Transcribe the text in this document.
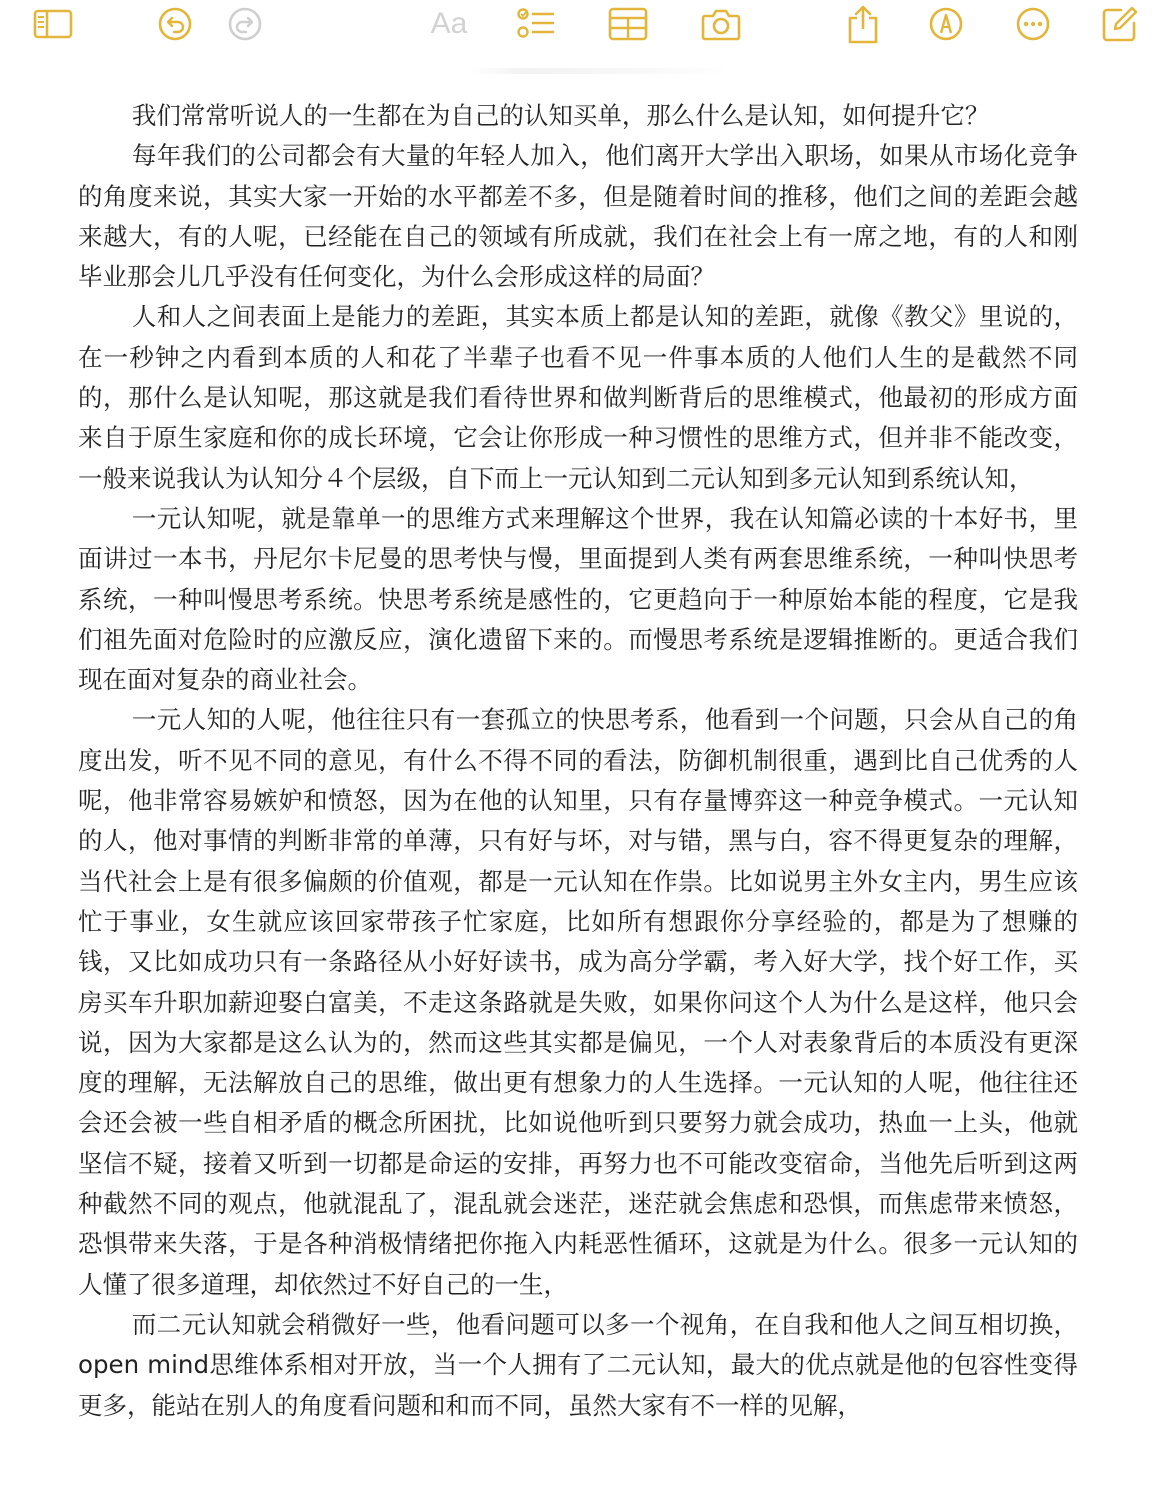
Aa

我们常常听说人的一生都在为自己的认知买单，那么什么是认知，如何提升它？

每年我们的公司都会有大量的年轻人加入，他们离开大学出入职场，如果从市场化竞争的角度来说，其实大家一开始的水平都差不多，但是随着时间的推移，他们之间的差距会越来越大，有的人呢，已经能在自己的领域有所成就，我们在社会上有一席之地，有的人和刚毕业那会儿几乎没有任何变化，为什么会形成这样的局面？

人和人之间表面上是能力的差距，其实本质上都是认知的差距，就像《教父》里说的，在一秒钟之内看到本质的人和花了半辈子也看不见一件事本质的人他们人生的是截然不同的，那什么是认知呢，那这就是我们看待世界和做判断背后的思维模式，他最初的形成方面来自于原生家庭和你的成长环境，它会让你形成一种习惯性的思维方式，但并非不能改变，一般来说我认为认知分４个层级，自下而上一元认知到二元认知到多元认知到系统认知，

一元认知呢，就是靠单一的思维方式来理解这个世界，我在认知篇必读的十本好书，里面讲过一本书，丹尼尔卡尼曼的思考快与慢，里面提到人类有两套思维系统，一种叫快思考系统，一种叫慢思考系统。快思考系统是感性的，它更趋向于一种原始本能的程度，它是我们祖先面对危险时的应激反应，演化遗留下来的。而慢思考系统是逻辑推断的。更适合我们现在面对复杂的商业社会。

一元人知的人呢，他往往只有一套孤立的快思考系，他看到一个问题，只会从自己的角度出发，听不见不同的意见，有什么不得不同的看法，防御机制很重，遇到比自己优秀的人呢，他非常容易嫉妒和愤怒，因为在他的认知里，只有存量博弈这一种竞争模式。一元认知的人，他对事情的判断非常的单薄，只有好与坏，对与错，黑与白，容不得更复杂的理解，当代社会上是有很多偏颇的价值观，都是一元认知在作祟。比如说男主外女主内，男生应该忙于事业，女生就应该回家带孩子忙家庭，比如所有想跟你分享经验的，都是为了想赚的钱，又比如成功只有一条路径从小好好读书，成为高分学霸，考入好大学，找个好工作，买房买车升职加薪迎娶白富美，不走这条路就是失败，如果你问这个人为什么是这样，他只会说，因为大家都是这么认为的，然而这些其实都是偏见，一个人对表象背后的本质没有更深度的理解，无法解放自己的思维，做出更有想象力的人生选择。一元认知的人呢，他往往还会还会被一些自相矛盾的概念所困扰，比如说他听到只要努力就会成功，热血一上头，他就坚信不疑，接着又听到一切都是命运的安排，再努力也不可能改变宿命，当他先后听到这两种截然不同的观点，他就混乱了，混乱就会迷茫，迷茫就会焦虑和恐惧，而焦虑带来愤怒，恐惧带来失落，于是各种消极情绪把你拖入内耗恶性循环，这就是为什么。很多一元认知的人懂了很多道理，却依然过不好自己的一生，

而二元认知就会稍微好一些，他看问题可以多一个视角，在自我和他人之间互相切换，open mind思维体系相对开放，当一个人拥有了二元认知，最大的优点就是他的包容性变得更多，能站在别人的角度看问题和和而不同，虽然大家有不一样的见解，
